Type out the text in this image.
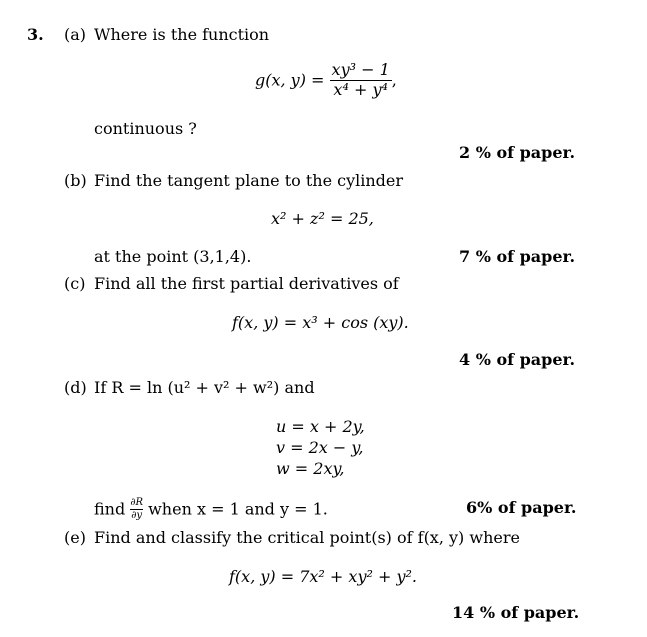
3. (a) Where is the function
g(x, $y) = \frac{\text{xy³ − 1}}{\text{x⁴ + y⁴}}$ ,
continuous ?
2 % of paper.
(b) Find the tangent plane to the cylinder
x² + z² = 25,
at the point (3,1,4).	7 % of paper.
(c) Find all the first partial derivatives of
f(x, y) = x³ + cos (xy).
4 % of paper.
(d) If R = ln (u² + v² + w²) and
u = x + 2y,
v = 2x − y,
w = 2xy,
find $\frac{\partial R}{\partial y}$ when x = 1 and y = 1.	6% of paper.
(e) Find and classify the critical point(s) of f(x, y) where
f(x, y) = 7x² + xy² + y².
14 % of paper.
